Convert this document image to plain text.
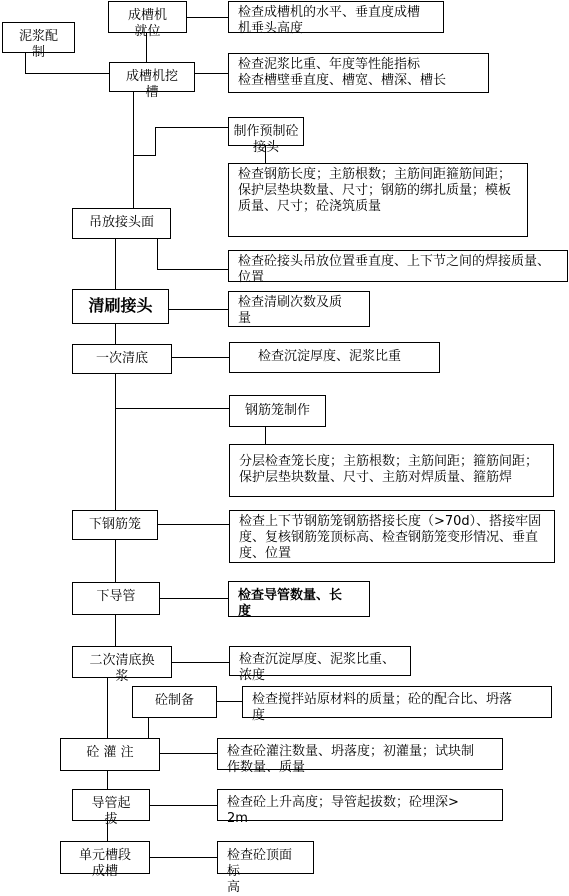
成槽机
就位
泥浆配
制
成槽机挖
槽
制作预制砼
接头
吊放接头面
清刷接头
一次清底
钢筋笼制作
下钢筋笼
下导管
二次清底换
浆
砼制备
砼 灌 注
导管起
拔
单元槽段
成槽
检查成槽机的水平、垂直度成槽
机垂头高度
检查泥浆比重、年度等性能指标
检查槽壁垂直度、槽宽、槽深、槽长
检查钢筋长度；主筋根数；主筋间距箍筋间距；保护层垫块数量、尺寸；钢筋的绑扎质量；模板质量、尺寸；砼浇筑质量
检查砼接头吊放位置垂直度、上下节之间的焊接质量、位置
检查清刷次数及质
量
检查沉淀厚度、泥浆比重
分层检查笼长度；主筋根数；主筋间距；箍筋间距；
保护层垫块数量、尺寸、主筋对焊质量、箍筋焊
检查上下节钢筋笼钢筋搭接长度（>70d）、搭接牢固度、复核钢筋笼顶标高、检查钢筋笼变形情况、垂直度、位置
检查导管数量、长
度
检查沉淀厚度、泥浆比重、
浓度
检查搅拌站原材料的质量；砼的配合比、坍落
度
检查砼灌注数量、坍落度；初灌量；试块制
作数量、质量
检查砼上升高度；导管起拔数；砼埋深>
2m
检查砼顶面标
高
